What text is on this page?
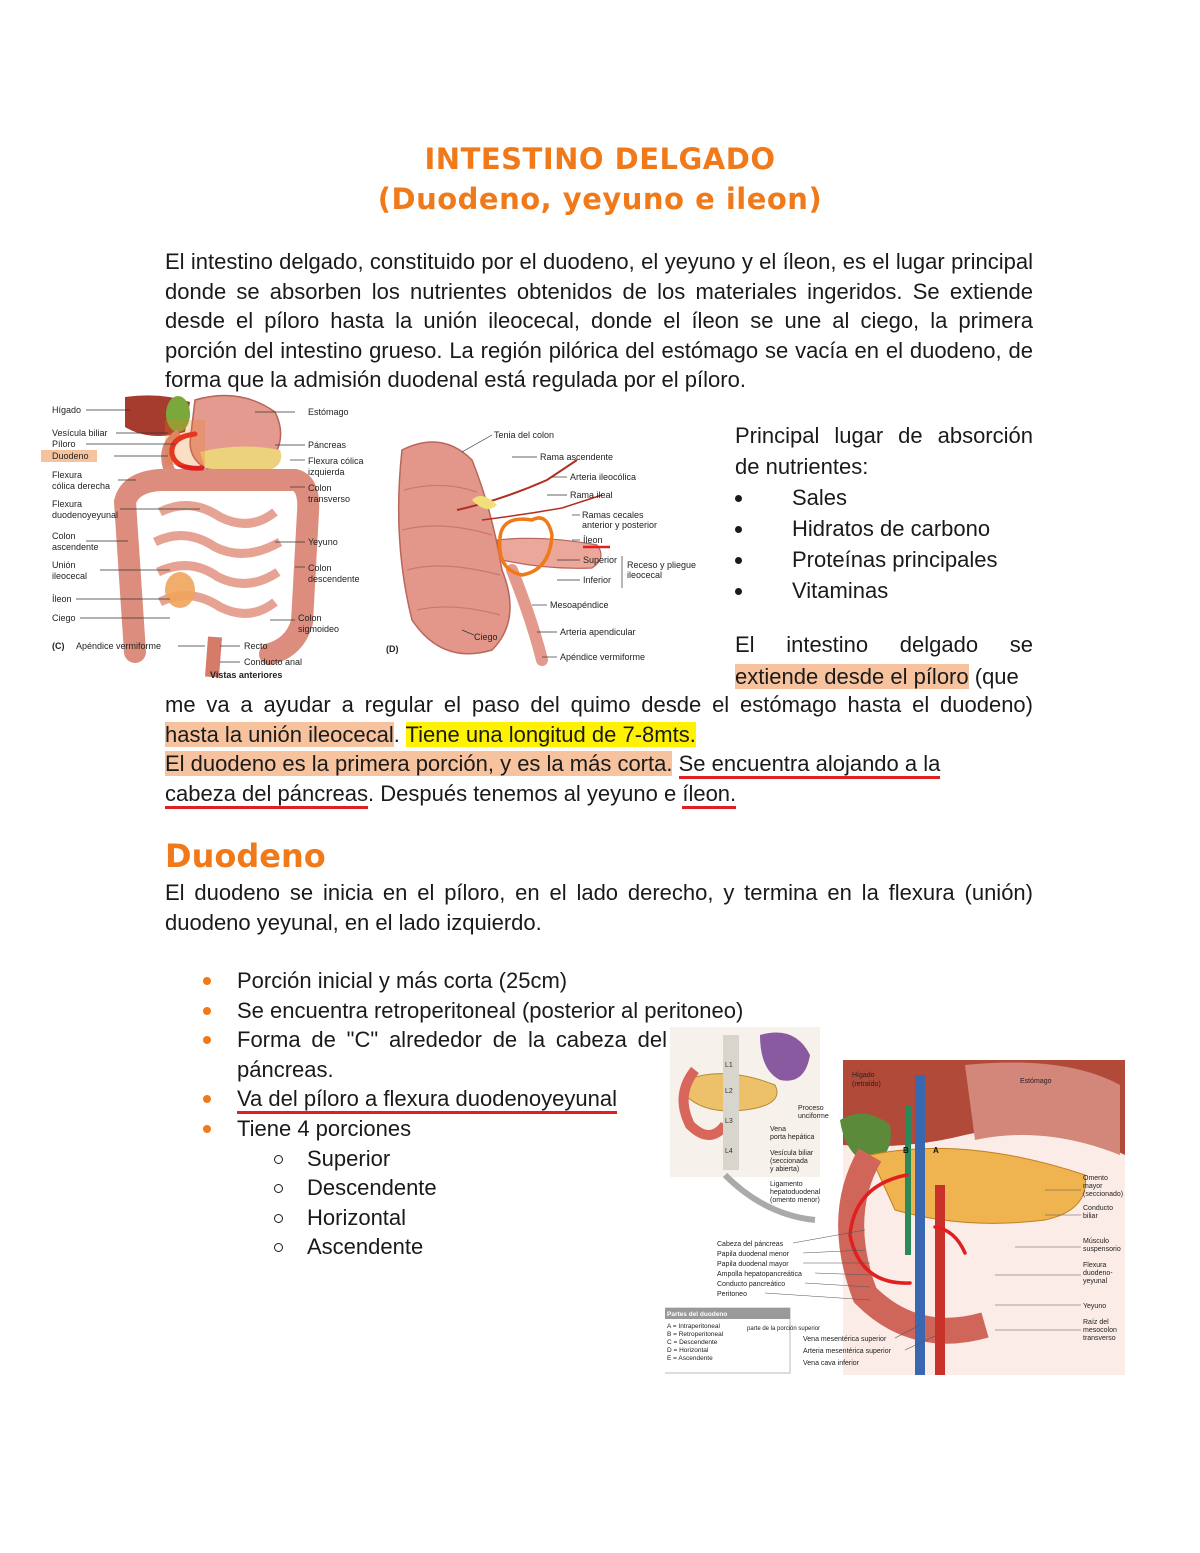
INTESTINO DELGADO
(Duodeno, yeyuno e ileon)

El intestino delgado, constituido por el duodeno, el yeyuno y el íleon, es el lugar principal donde se absorben los nutrientes obtenidos de los materiales ingeridos. Se extiende desde el píloro hasta la unión ileocecal, donde el íleon se une al ciego, la primera porción del intestino grueso. La región pilórica del estómago se vacía en el duodeno, de forma que la admisión duodenal está regulada por el píloro.

Hígado
Vesícula biliar
Píloro
Duodeno
Flexura
cólica derecha
Flexura
duodenoyeyunal
Colon
ascendente
Unión
ileocecal
Íleon
Ciego
(C) Apéndice vermiforme
Estómago
Páncreas
Flexura cólica
izquierda
Colon
transverso
Yeyuno
Colon
descendente
Colon
sigmoideo
Recto
Conducto anal
Vistas anteriores
Tenia del colon
Rama ascendente
Arteria ileocólica
Rama ileal
Ramas cecales
anterior y posterior
Íleon
Superior
Inferior
Receso y pliegue
ileocecal
Mesoapéndice
Ciego	Arteria apendicular
Apéndice vermiforme
(D)
Principal lugar de absorción de nutrientes:
Sales
Hidratos de carbono
Proteínas principales
Vitaminas
El intestino delgado se
extiende desde el píloro (que
me va a ayudar a regular el paso del quimo desde el estómago hasta el duodeno)
hasta la unión ileocecal. Tiene una longitud de 7-8mts.
El duodeno es la primera porción, y es la más corta. Se encuentra alojando a la
cabeza del páncreas. Después tenemos al yeyuno e íleon.
Duodeno

El duodeno se inicia en el píloro, en el lado derecho, y termina en la flexura (unión) duodeno yeyunal, en el lado izquierdo.

Porción inicial y más corta (25cm)
Se encuentra retroperitoneal (posterior al peritoneo)
Forma de "C" alrededor de la cabeza del páncreas.
Va del píloro a flexura duodenoyeyunal
Tiene 4 porciones
Superior
Descendente
Horizontal
Ascendente
L1
L2
L3
L4	A
B
Hígado
(retraído)	Estómago
Proceso
unciforme
Vena
porta hepática
Vesícula biliar
(seccionada
y abierta)
Ligamento
hepatoduodenal
(omento menor)
Cabeza del páncreas
Papila duodenal menor
Papila duodenal mayor
Ampolla hepatopancreática
Conducto pancreático
Peritoneo
Omento
mayor
(seccionado)
Conducto
biliar
Músculo
suspensorio
Flexura
duodeno-
yeyunal
Yeyuno
Raíz del
mesocolon
transverso
Vena mesentérica superior
Arteria mesentérica superior
Vena cava inferior
Partes del duodeno
A = Intraperitoneal
B = Retroperitoneal
C = Descendente
D = Horizontal
E = Ascendente
parte de la porción superior
